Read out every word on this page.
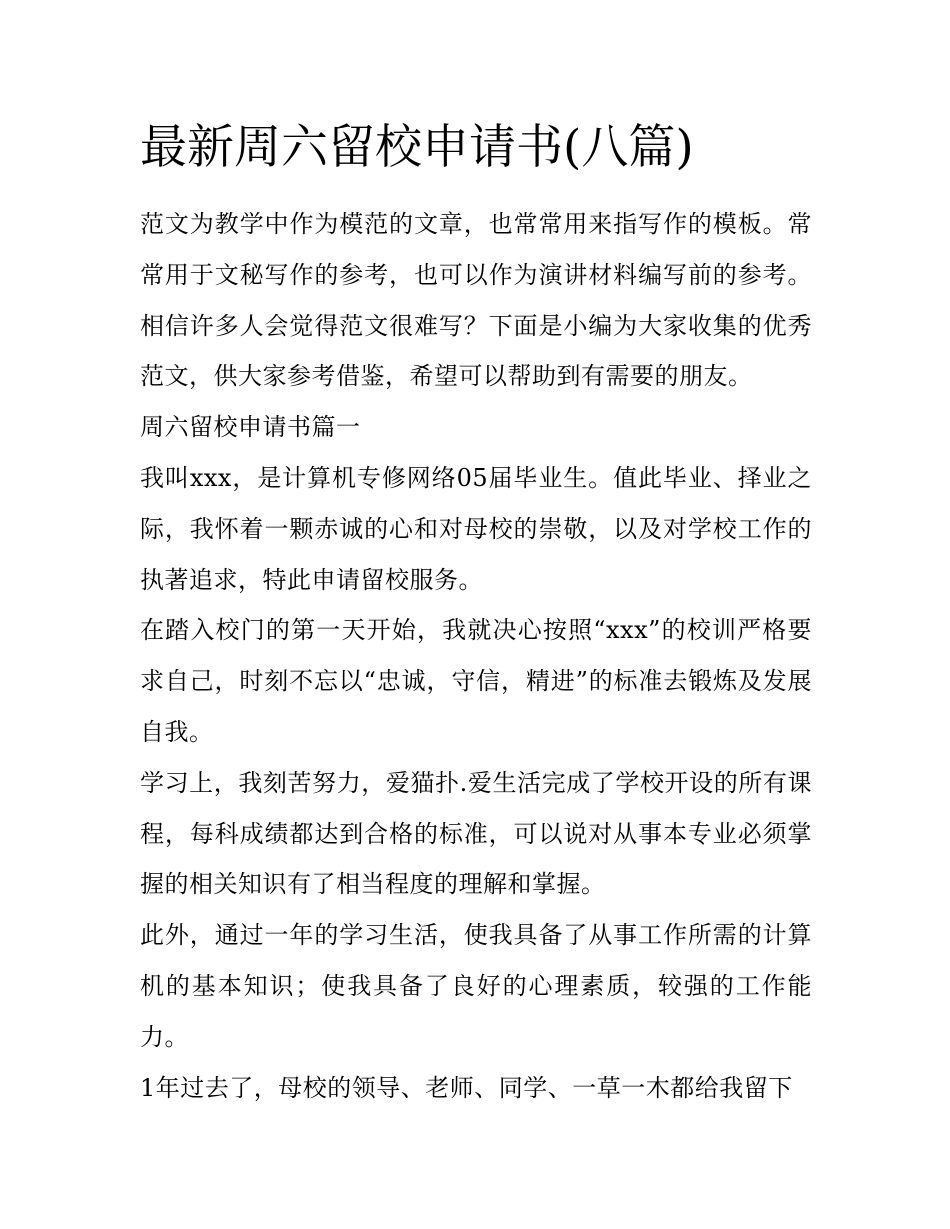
最新周六留校申请书(八篇)

范文为教学中作为模范的文章，也常常用来指写作的模板。常常用于文秘写作的参考，也可以作为演讲材料编写前的参考。相信许多人会觉得范文很难写？下面是小编为大家收集的优秀范文，供大家参考借鉴，希望可以帮助到有需要的朋友。

周六留校申请书篇一

我叫xxx，是计算机专修网络05届毕业生。值此毕业、择业之际，我怀着一颗赤诚的心和对母校的崇敬，以及对学校工作的执著追求，特此申请留校服务。

在踏入校门的第一天开始，我就决心按照“xxx”的校训严格要求自己，时刻不忘以“忠诚，守信，精进”的标准去锻炼及发展自我。

学习上，我刻苦努力，爱猫扑.爱生活完成了学校开设的所有课程，每科成绩都达到合格的标准，可以说对从事本专业必须掌握的相关知识有了相当程度的理解和掌握。

此外，通过一年的学习生活，使我具备了从事工作所需的计算机的基本知识；使我具备了良好的心理素质，较强的工作能力。

1年过去了，母校的领导、老师、同学、一草一木都给我留下
